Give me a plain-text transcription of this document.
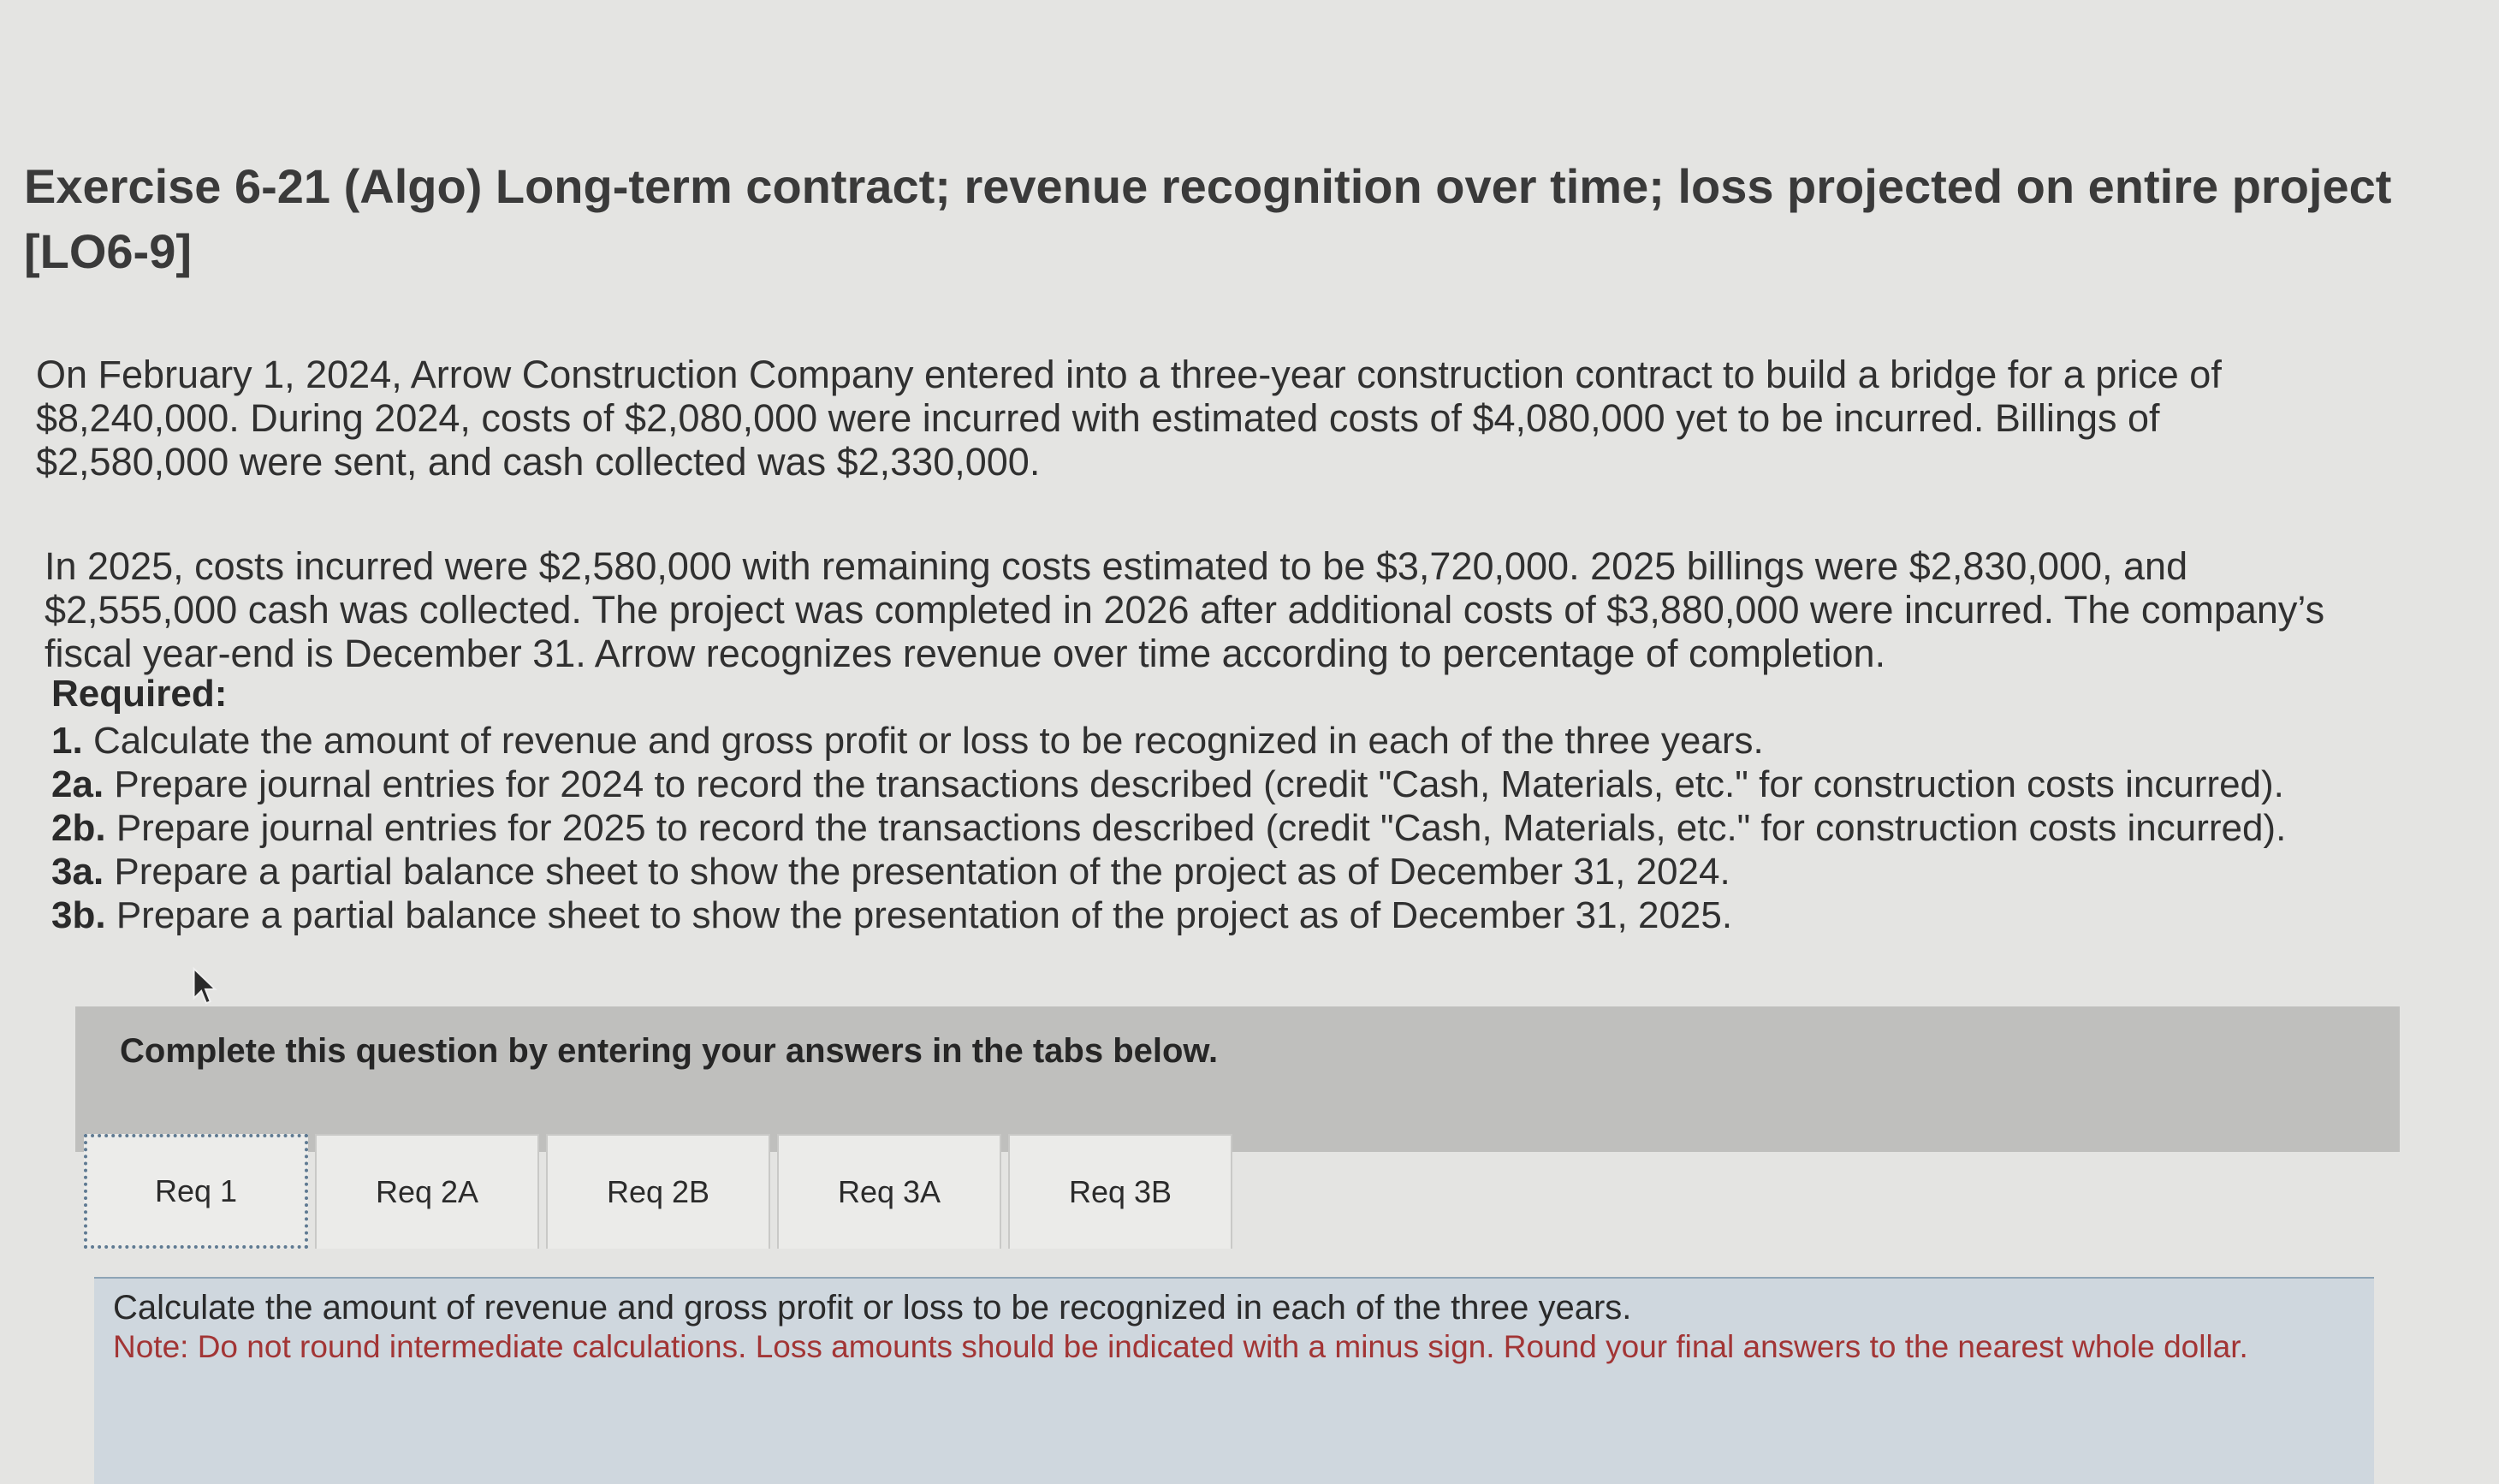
Exercise 6-21 (Algo) Long-term contract; revenue recognition over time; loss projected on entire project [LO6-9]

On February 1, 2024, Arrow Construction Company entered into a three-year construction contract to build a bridge for a price of $8,240,000. During 2024, costs of $2,080,000 were incurred with estimated costs of $4,080,000 yet to be incurred. Billings of $2,580,000 were sent, and cash collected was $2,330,000.

In 2025, costs incurred were $2,580,000 with remaining costs estimated to be $3,720,000. 2025 billings were $2,830,000, and $2,555,000 cash was collected. The project was completed in 2026 after additional costs of $3,880,000 were incurred. The company’s fiscal year-end is December 31. Arrow recognizes revenue over time according to percentage of completion.

Required:
1. Calculate the amount of revenue and gross profit or loss to be recognized in each of the three years.
2a. Prepare journal entries for 2024 to record the transactions described (credit "Cash, Materials, etc." for construction costs incurred).
2b. Prepare journal entries for 2025 to record the transactions described (credit "Cash, Materials, etc." for construction costs incurred).
3a. Prepare a partial balance sheet to show the presentation of the project as of December 31, 2024.
3b. Prepare a partial balance sheet to show the presentation of the project as of December 31, 2025.
Complete this question by entering your answers in the tabs below.
Req 1	Req 2A	Req 2B	Req 3A	Req 3B

Calculate the amount of revenue and gross profit or loss to be recognized in each of the three years.

Note: Do not round intermediate calculations. Loss amounts should be indicated with a minus sign. Round your final answers to the nearest whole dollar.
